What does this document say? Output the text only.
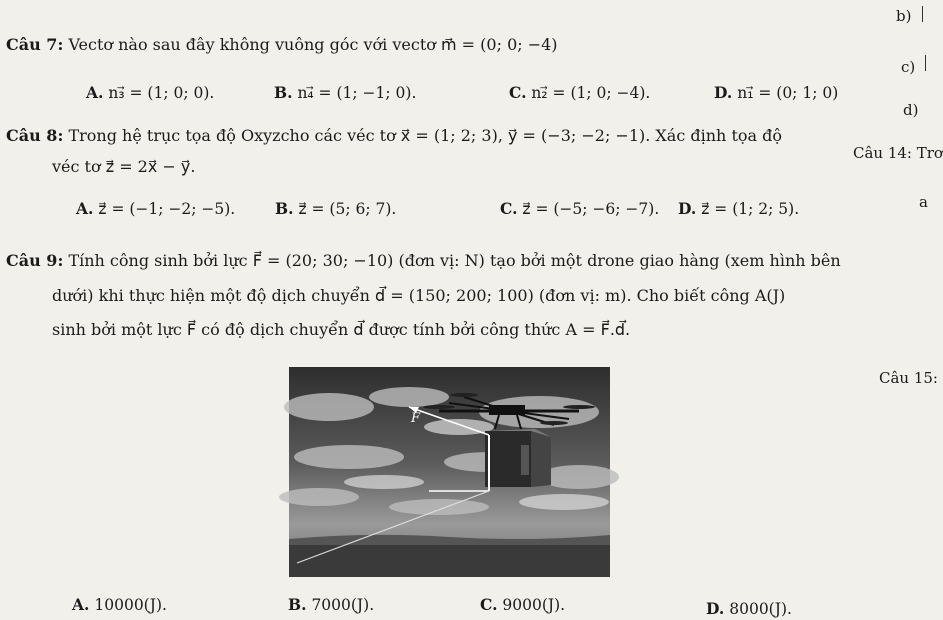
b)
c)
d)
Câu 14: Trơ
a
Câu 15:
Câu 7: Vectơ nào sau đây không vuông góc với vectơ m⃗ = (0; 0; −4)
A. n₃⃗ = (1; 0; 0).	B. n₄⃗ = (1; −1; 0).	C. n₂⃗ = (1; 0; −4).	D. n₁⃗ = (0; 1; 0)
Câu 8: Trong hệ trục tọa độ Oxyzcho các véc tơ x⃗ = (1; 2; 3), y⃗ = (−3; −2; −1). Xác định tọa độ
véc tơ z⃗ = 2x⃗ − y⃗.
A. z⃗ = (−1; −2; −5).	B. z⃗ = (5; 6; 7).	C. z⃗ = (−5; −6; −7). D. z⃗ = (1; 2; 5).
Câu 9: Tính công sinh bởi lực F⃗ = (20; 30; −10) (đơn vị: N) tạo bởi một drone giao hàng (xem hình bên
dưới) khi thực hiện một độ dịch chuyển d⃗ = (150; 200; 100) (đơn vị: m). Cho biết công A(J)
sinh bởi một lực F⃗ có độ dịch chuyển d⃗ được tính bởi công thức A = F⃗.d⃗.
F
A. 10000(J).	B. 7000(J).	C. 9000(J).	D. 8000(J).
